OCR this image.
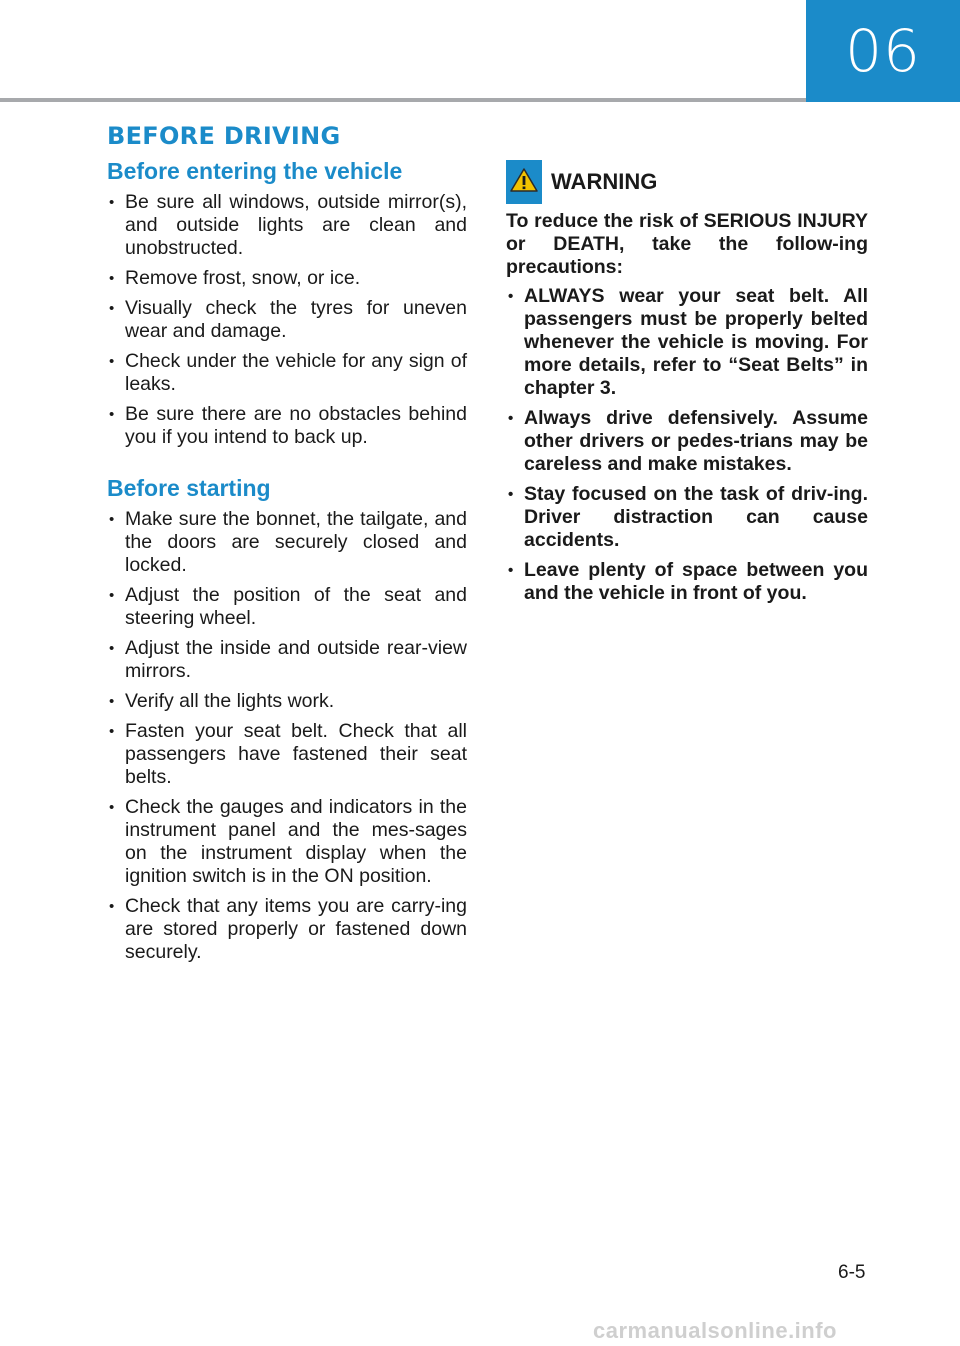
06
BEFORE DRIVING
Before entering the vehicle
• Be sure all windows, outside mirror(s), and outside lights are clean and unobstructed.
• Remove frost, snow, or ice.
• Visually check the tyres for uneven wear and damage.
• Check under the vehicle for any sign of leaks.
• Be sure there are no obstacles behind you if you intend to back up.
Before starting
• Make sure the bonnet, the tailgate, and the doors are securely closed and locked.
• Adjust the position of the seat and steering wheel.
• Adjust the inside and outside rear-view mirrors.
• Verify all the lights work.
• Fasten your seat belt. Check that all passengers have fastened their seat belts.
• Check the gauges and indicators in the instrument panel and the mes-sages on the instrument display when the ignition switch is in the ON position.
• Check that any items you are carry-ing are stored properly or fastened down securely.
WARNING

To reduce the risk of SERIOUS INJURY or DEATH, take the follow-ing precautions:

• ALWAYS wear your seat belt. All passengers must be properly belted whenever the vehicle is moving. For more details, refer to “Seat Belts” in chapter 3.
• Always drive defensively. Assume other drivers or pedes-trians may be careless and make mistakes.
• Stay focused on the task of driv-ing. Driver distraction can cause accidents.
• Leave plenty of space between you and the vehicle in front of you.
6-5
carmanualsonline.info
